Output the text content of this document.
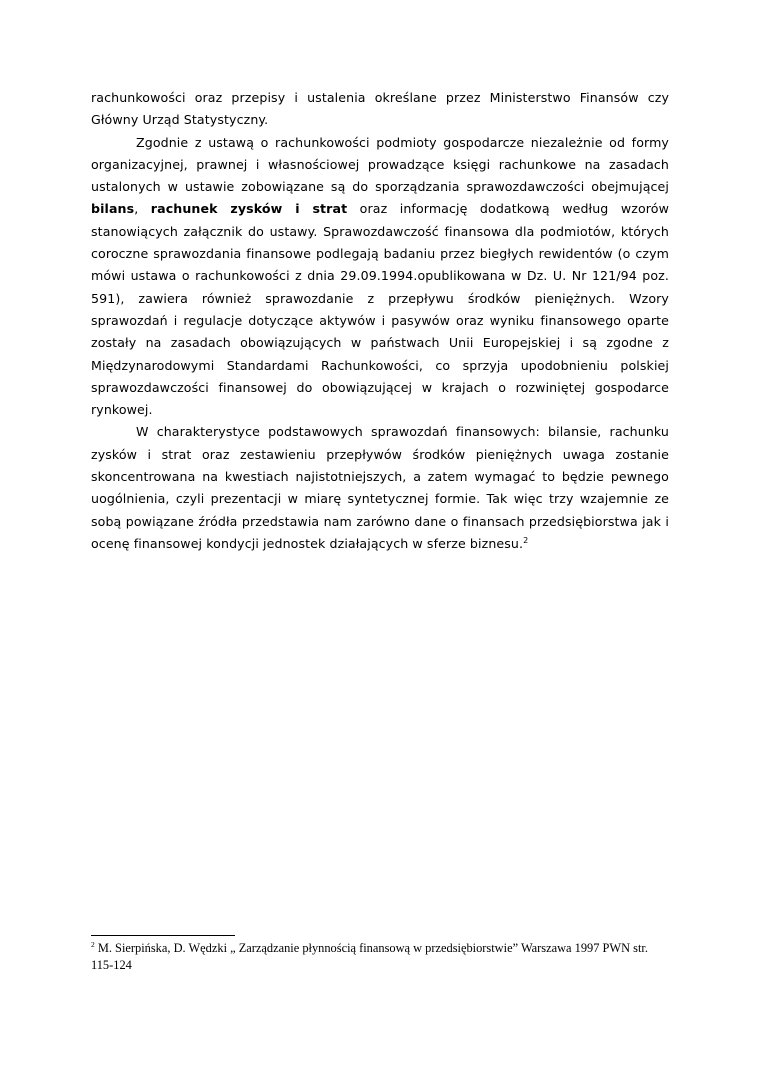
rachunkowości oraz przepisy i ustalenia określane przez Ministerstwo Finansów czy Główny Urząd Statystyczny.

Zgodnie z ustawą o rachunkowości podmioty gospodarcze niezależnie od formy organizacyjnej, prawnej i własnościowej prowadzące księgi rachunkowe na zasadach ustalonych w ustawie zobowiązane są do sporządzania sprawozdawczości obejmującej bilans, rachunek zysków i strat oraz informację dodatkową według wzorów stanowiących załącznik do ustawy. Sprawozdawczość finansowa dla podmiotów, których coroczne sprawozdania finansowe podlegają badaniu przez biegłych rewidentów (o czym mówi ustawa o rachunkowości z dnia 29.09.1994.opublikowana w Dz. U. Nr 121/94 poz. 591), zawiera również sprawozdanie z przepływu środków pieniężnych. Wzory sprawozdań i regulacje dotyczące aktywów i pasywów oraz wyniku finansowego oparte zostały na zasadach obowiązujących w państwach Unii Europejskiej i są zgodne z Międzynarodowymi Standardami Rachunkowości, co sprzyja upodobnieniu polskiej sprawozdawczości finansowej do obowiązującej w krajach o rozwiniętej gospodarce rynkowej.

W charakterystyce podstawowych sprawozdań finansowych: bilansie, rachunku zysków i strat oraz zestawieniu przepływów środków pieniężnych uwaga zostanie skoncentrowana na kwestiach najistotniejszych, a zatem wymagać to będzie pewnego uogólnienia, czyli prezentacji w miarę syntetycznej formie. Tak więc trzy wzajemnie ze sobą powiązane źródła przedstawia nam zarówno dane o finansach przedsiębiorstwa jak i ocenę finansowej kondycji jednostek działających w sferze biznesu.$^2$

$^2$ M. Sierpińska, D. Wędzki „ Zarządzanie płynnością finansową w przedsiębiorstwie” Warszawa 1997 PWN str. 115-124
